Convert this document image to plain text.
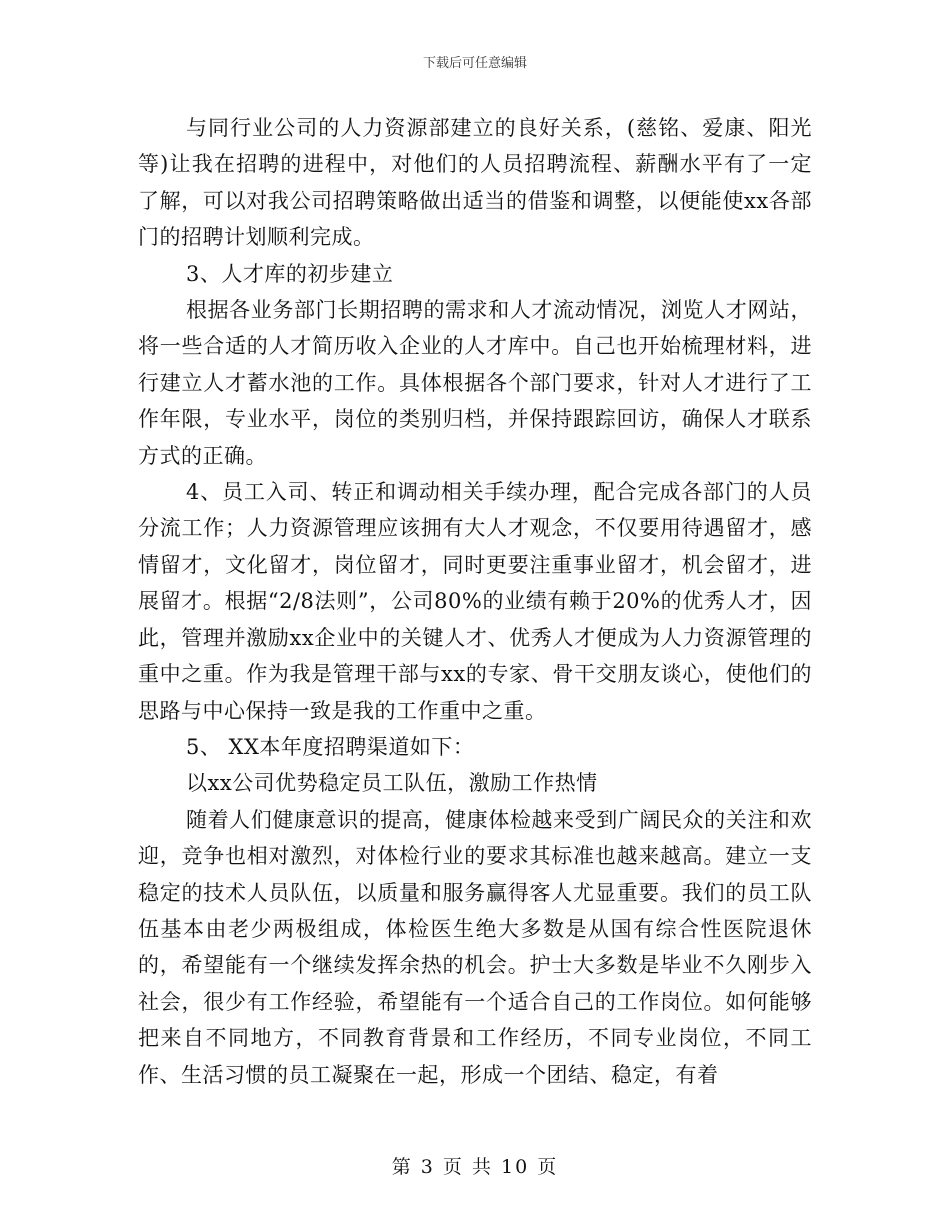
下载后可任意编辑

与同行业公司的人力资源部建立的良好关系，(慈铭、爱康、阳光等)让我在招聘的进程中，对他们的人员招聘流程、薪酬水平有了一定了解，可以对我公司招聘策略做出适当的借鉴和调整，以便能使xx各部门的招聘计划顺利完成。

3、人才库的初步建立

根据各业务部门长期招聘的需求和人才流动情况，浏览人才网站，将一些合适的人才简历收入企业的人才库中。自己也开始梳理材料，进行建立人才蓄水池的工作。具体根据各个部门要求，针对人才进行了工作年限，专业水平，岗位的类别归档，并保持跟踪回访，确保人才联系方式的正确。

4、员工入司、转正和调动相关手续办理，配合完成各部门的人员分流工作；人力资源管理应该拥有大人才观念，不仅要用待遇留才，感情留才，文化留才，岗位留才，同时更要注重事业留才，机会留才，进展留才。根据“2/8法则”，公司80%的业绩有赖于20%的优秀人才，因此，管理并激励xx企业中的关键人才、优秀人才便成为人力资源管理的重中之重。作为我是管理干部与xx的专家、骨干交朋友谈心，使他们的思路与中心保持一致是我的工作重中之重。

5、 XX本年度招聘渠道如下：

以xx公司优势稳定员工队伍，激励工作热情

随着人们健康意识的提高，健康体检越来受到广阔民众的关注和欢迎，竞争也相对激烈，对体检行业的要求其标准也越来越高。建立一支稳定的技术人员队伍，以质量和服务赢得客人尤显重要。我们的员工队伍基本由老少两极组成，体检医生绝大多数是从国有综合性医院退休的，希望能有一个继续发挥余热的机会。护士大多数是毕业不久刚步入社会，很少有工作经验，希望能有一个适合自己的工作岗位。如何能够把来自不同地方，不同教育背景和工作经历，不同专业岗位，不同工作、生活习惯的员工凝聚在一起，形成一个团结、稳定，有着

第 3 页 共 10 页
